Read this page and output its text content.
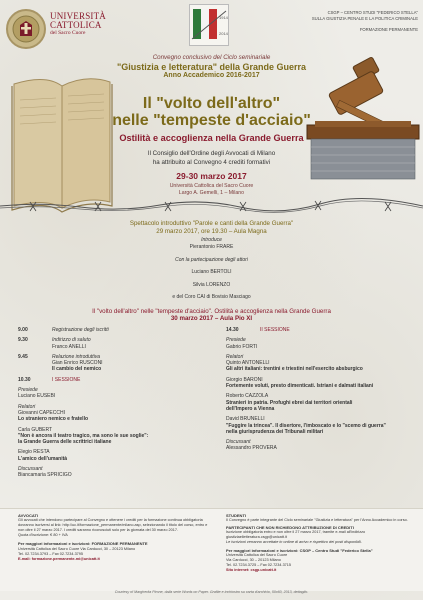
UNIVERSITÀ
CATTOLICA
del Sacro Cuore
1914
2014
CSGP – CENTRO STUDI "FEDERICO STELLA"
SULLA GIUSTIZIA PENALE E LA POLITICA CRIMINALE
FORMAZIONE PERMANENTE
Convegno conclusivo del Ciclo seminariale
"Giustizia e letteratura" della Grande Guerra
Anno Accademico 2016-2017
Il "volto dell'altro"
nelle "tempeste d'acciaio"
Ostilità e accoglienza nella Grande Guerra
Il Consiglio dell'Ordine degli Avvocati di Milano
ha attribuito al Convegno 4 crediti formativi
29-30 marzo 2017
Università Cattolica del Sacro Cuore
Largo A. Gemelli, 1 – Milano
Spettacolo introduttivo "Parole e canti della Grande Guerra"
29 marzo 2017, ore 19.30 – Aula Magna
Introduce
Pierantonio FRARE
Con la partecipazione degli attori
Luciano BERTOLI
Silvia LORENZO
e del Coro CAI di Bovisio Masciago
Il "volto dell'altro" nelle "tempeste d'acciaio". Ostilità e accoglienza nella Grande Guerra
30 marzo 2017 – Aula Pio XI
9.00	Registrazione degli iscritti
9.30	Indirizzo di saluto
Franco ANELLI
9.45	Relazione introduttiva
Gian Enrico RUSCONI
Il cambio del nemico
10.30	I SESSIONE
Presiede
Luciano EUSEBI
Relatori
Giovanni CAPECCHI
Lo straniero nemico e fratello
Carla GUBERT
"Non è ancora il teatro tragico, ma sono le sue soglie":
la Grande Guerra delle scrittrici italiane
Elegio RESTA
L'amico dell'umanità
Discussant
Biancamaria SPRICIGO
14.30	II SESSIONE
Presiede
Gabrio FORTI
Relatori
Quinto ANTONELLI
Gli altri italiani: trentini e triestini nell'esercito absburgico
Giorgio BARONI
Fortemente voluti, presto dimenticati. Istriani e dalmati italiani
Roberto CAZZOLA
Stranieri in patria. Profughi ebrei dai territori orientali
dell'Impero a Vienna
David BRUNELLI
"Fuggire la trincea". Il disertore, l'imboscato e lo "scemo di guerra"
nella giurisprudenza dei Tribunali militari
Discussant
Alessandro PROVERA
AVVOCATI
Gli avvocati che intendono partecipare al Convegno e ottenere i crediti per la formazione continua obbligatoria dovranno iscriversi al link: http://uc.it/formazione_permanente/milano.asp, selezionando il titolo del corso, entro e non oltre il 27 marzo 2017. I crediti saranno riconosciuti solo per la giornata del 30 marzo 2017.
Quota d'iscrizione: € 80 + IVA
Per maggiori informazioni e iscrizioni: FORMAZIONE PERMANENTE
Università Cattolica del Sacro Cuore Via Carducci, 30 – 20123 Milano
Tel. 02.7234.3793 – Fax 02.7234.3795
E-mail: formazione.permanente-mi@unicatt.it
STUDENTI
Il Convegno è parte integrante del Ciclo seminariale "Giustizia e letteratura" per l'Anno Accademico in corso.
PARTECIPANTI CHE NON RICHIEDONO ATTRIBUZIONE DI CREDITI
Iscrizione obbligatoria entro e non oltre il 27 marzo 2017, tramite e-mail all'indirizzo giustiziaelletteratura.csgp@unicatt.it
Le iscrizioni verranno accettate in ordine di arrivo e rispettivo dei posti disponibili.
Per maggiori informazioni e iscrizioni: CSGP – Centro Studi "Federico Stella"
Università Cattolica del Sacro Cuore
Via Carducci, 30 – 20123 Milano
Tel. 02.7234.3725 – Fax 02.7234.3715
Sito internet: csgp.unicatt.it
Courtesy of Margherita Pirone, dalla serie Words on Paper. Grafite e inchiostro su carta d'archivio, 50x60, 2013, dettaglio.
